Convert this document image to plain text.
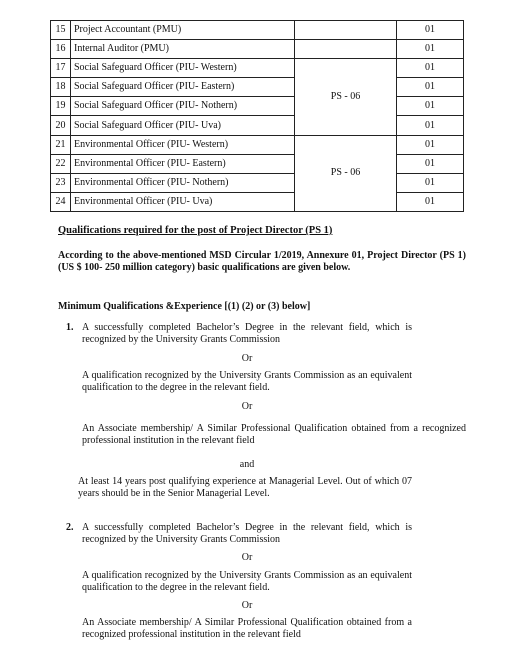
15	Project Accountant (PMU)		01
16	Internal Auditor (PMU)		01
17	Social Safeguard Officer (PIU- Western)	PS - 06	01
18	Social Safeguard Officer (PIU- Eastern)		01
19	Social Safeguard Officer (PIU- Nothern)		01
20	Social Safeguard Officer (PIU- Uva)		01
21	Environmental Officer (PIU- Western)	PS - 06	01
22	Environmental Officer (PIU- Eastern)		01
23	Environmental Officer (PIU- Nothern)		01
24	Environmental Officer (PIU- Uva)		01
Qualifications required for the post of Project Director (PS 1)
According to the above-mentioned MSD Circular 1/2019, Annexure 01, Project Director (PS 1) (US $ 100- 250 million category) basic qualifications are given below.
Minimum Qualifications &Experience [(1) (2) or (3) below]
1. A successfully completed Bachelor’s Degree in the relevant field, which is recognized by the University Grants Commission
Or
A qualification recognized by the University Grants Commission as an equivalent qualification to the degree in the relevant field.
Or
An Associate membership/ A Similar Professional Qualification obtained from a recognized professional institution in the relevant field
and
At least 14 years post qualifying experience at Managerial Level. Out of which 07 years should be in the Senior Managerial Level.
2. A successfully completed Bachelor’s Degree in the relevant field, which is recognized by the University Grants Commission
Or
A qualification recognized by the University Grants Commission as an equivalent qualification to the degree in the relevant field.
Or
An Associate membership/ A Similar Professional Qualification obtained from a recognized professional institution in the relevant field
